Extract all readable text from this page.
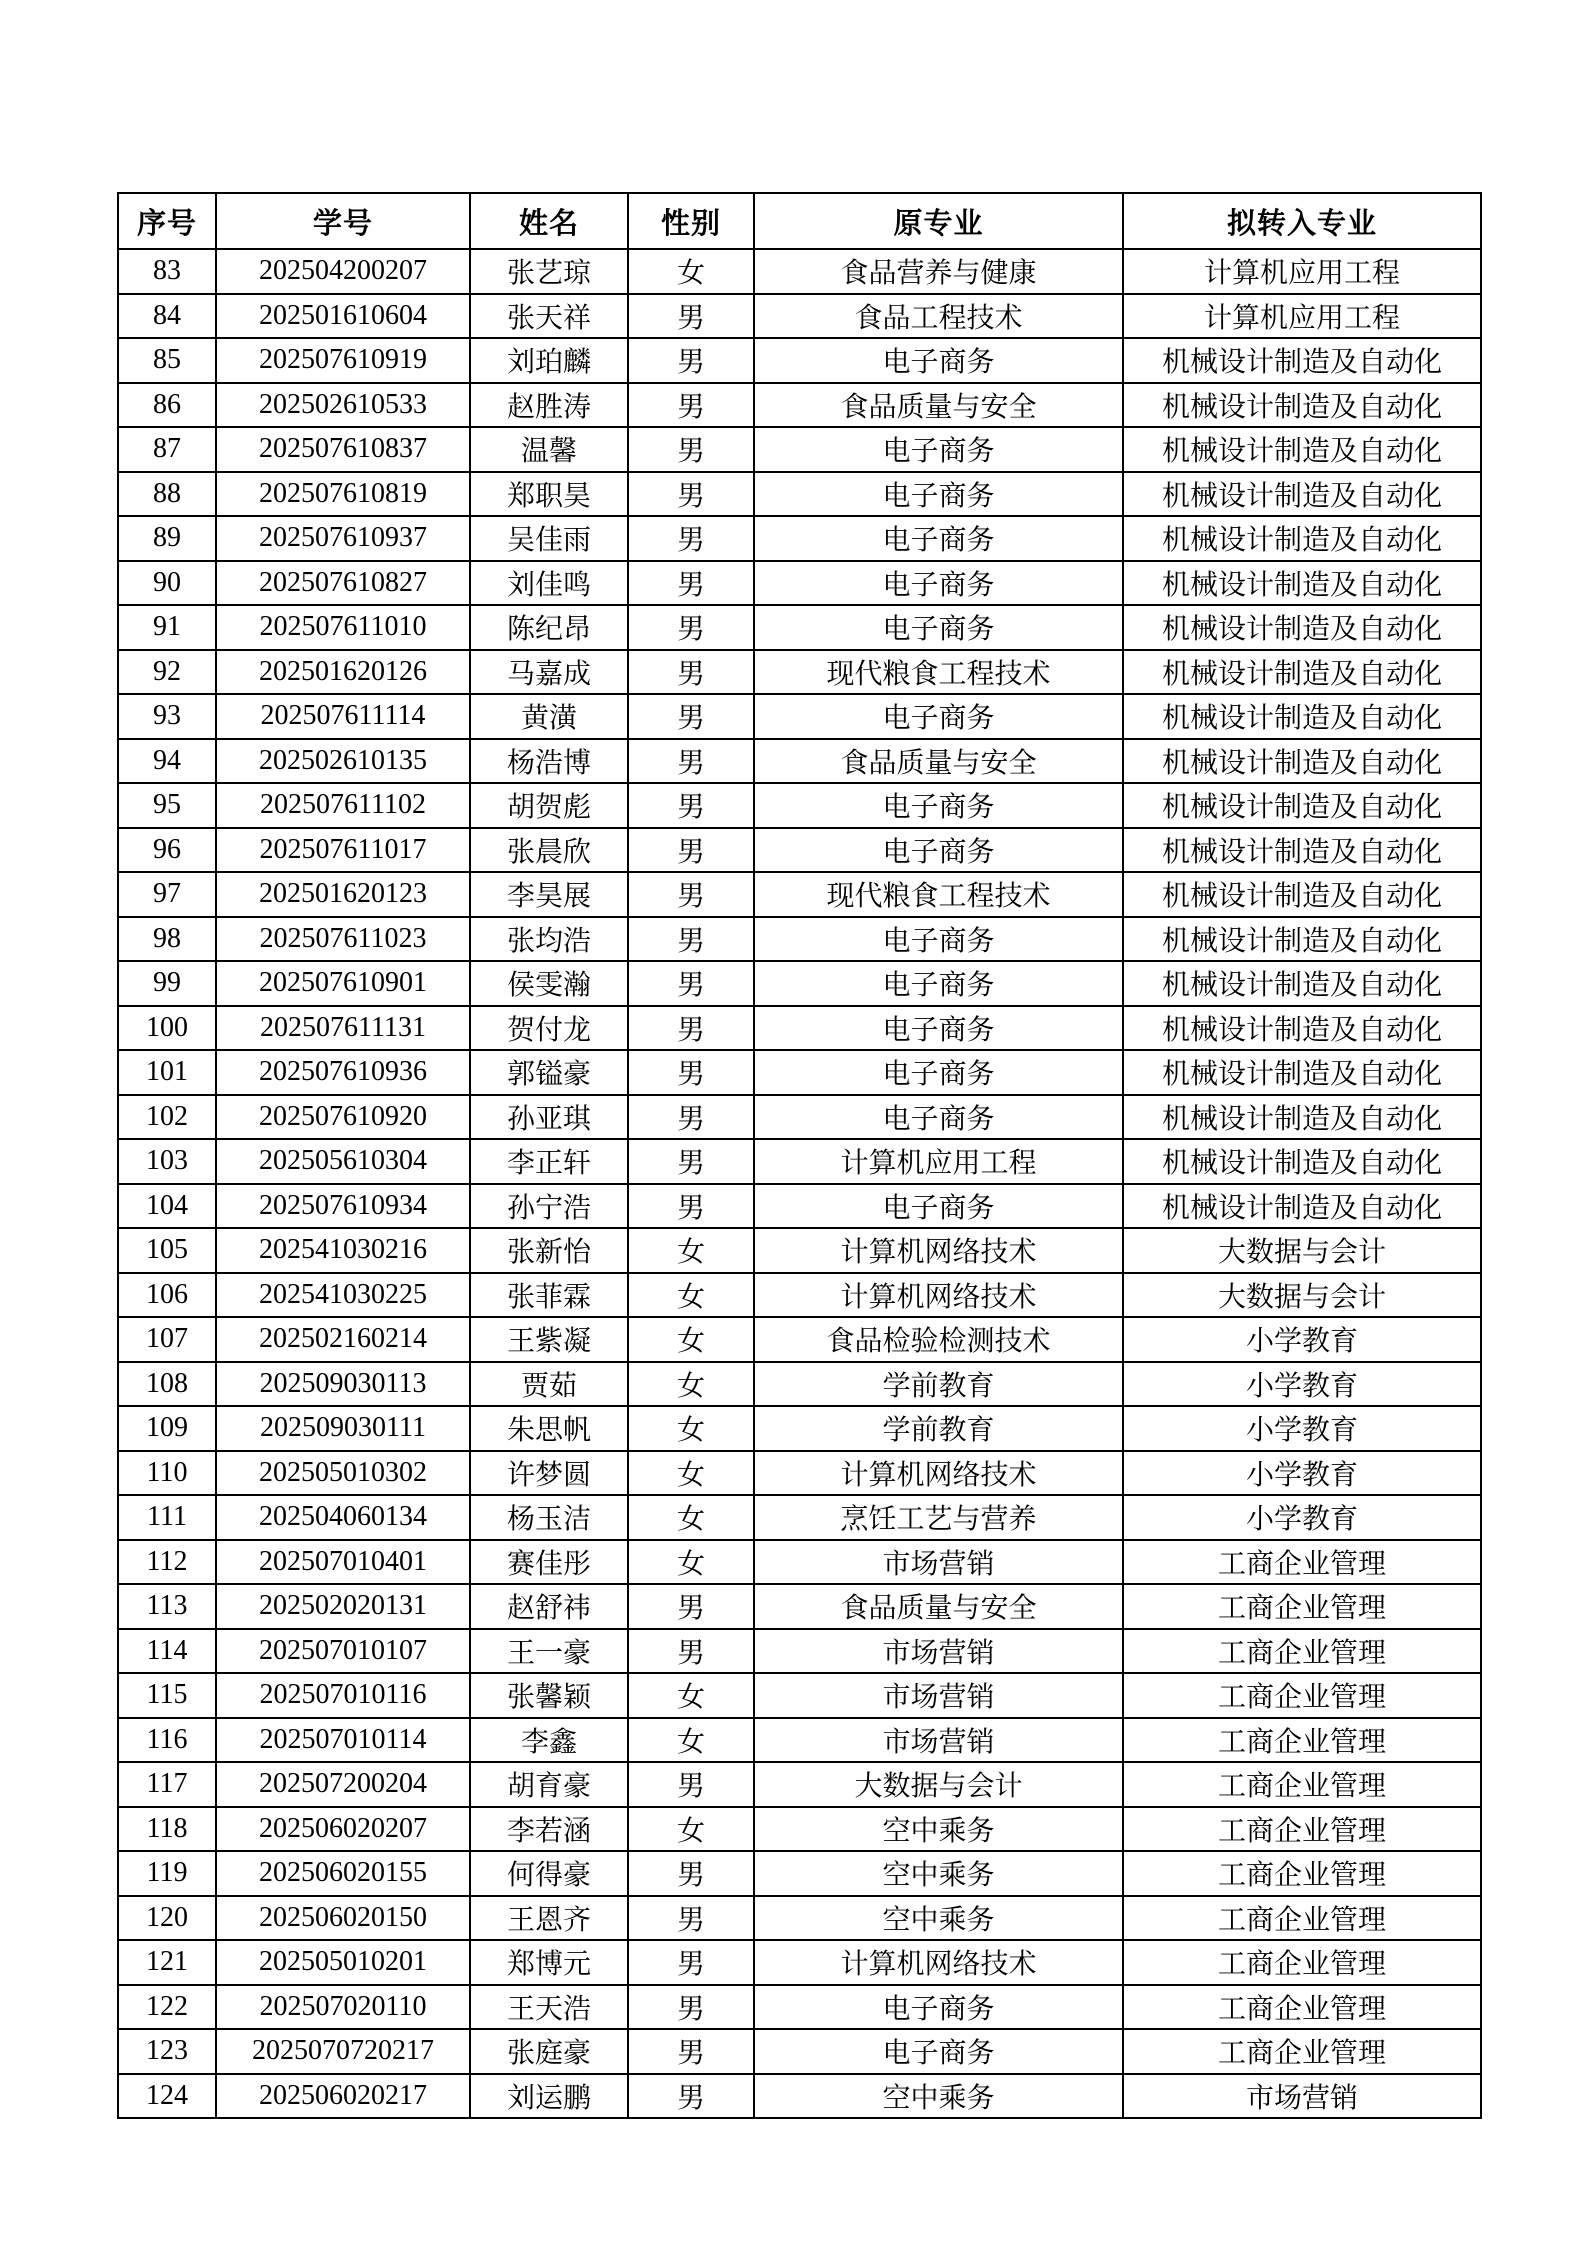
序号	学号	姓名	性别	原专业	拟转入专业
83	202504200207	张艺琼	女	食品营养与健康	计算机应用工程
84	202501610604	张天祥	男	食品工程技术	计算机应用工程
85	202507610919	刘珀麟	男	电子商务	机械设计制造及自动化
86	202502610533	赵胜涛	男	食品质量与安全	机械设计制造及自动化
87	202507610837	温馨	男	电子商务	机械设计制造及自动化
88	202507610819	郑职昊	男	电子商务	机械设计制造及自动化
89	202507610937	吴佳雨	男	电子商务	机械设计制造及自动化
90	202507610827	刘佳鸣	男	电子商务	机械设计制造及自动化
91	202507611010	陈纪昂	男	电子商务	机械设计制造及自动化
92	202501620126	马嘉成	男	现代粮食工程技术	机械设计制造及自动化
93	202507611114	黄潢	男	电子商务	机械设计制造及自动化
94	202502610135	杨浩博	男	食品质量与安全	机械设计制造及自动化
95	202507611102	胡贺彪	男	电子商务	机械设计制造及自动化
96	202507611017	张晨欣	男	电子商务	机械设计制造及自动化
97	202501620123	李昊展	男	现代粮食工程技术	机械设计制造及自动化
98	202507611023	张均浩	男	电子商务	机械设计制造及自动化
99	202507610901	侯雯瀚	男	电子商务	机械设计制造及自动化
100	202507611131	贺付龙	男	电子商务	机械设计制造及自动化
101	202507610936	郭镒豪	男	电子商务	机械设计制造及自动化
102	202507610920	孙亚琪	男	电子商务	机械设计制造及自动化
103	202505610304	李正轩	男	计算机应用工程	机械设计制造及自动化
104	202507610934	孙宁浩	男	电子商务	机械设计制造及自动化
105	202541030216	张新怡	女	计算机网络技术	大数据与会计
106	202541030225	张菲霖	女	计算机网络技术	大数据与会计
107	202502160214	王紫凝	女	食品检验检测技术	小学教育
108	202509030113	贾茹	女	学前教育	小学教育
109	202509030111	朱思帆	女	学前教育	小学教育
110	202505010302	许梦圆	女	计算机网络技术	小学教育
111	202504060134	杨玉洁	女	烹饪工艺与营养	小学教育
112	202507010401	赛佳彤	女	市场营销	工商企业管理
113	202502020131	赵舒祎	男	食品质量与安全	工商企业管理
114	202507010107	王一豪	男	市场营销	工商企业管理
115	202507010116	张馨颖	女	市场营销	工商企业管理
116	202507010114	李鑫	女	市场营销	工商企业管理
117	202507200204	胡育豪	男	大数据与会计	工商企业管理
118	202506020207	李若涵	女	空中乘务	工商企业管理
119	202506020155	何得豪	男	空中乘务	工商企业管理
120	202506020150	王恩齐	男	空中乘务	工商企业管理
121	202505010201	郑博元	男	计算机网络技术	工商企业管理
122	202507020110	王天浩	男	电子商务	工商企业管理
123	2025070720217	张庭豪	男	电子商务	工商企业管理
124	202506020217	刘运鹏	男	空中乘务	市场营销
